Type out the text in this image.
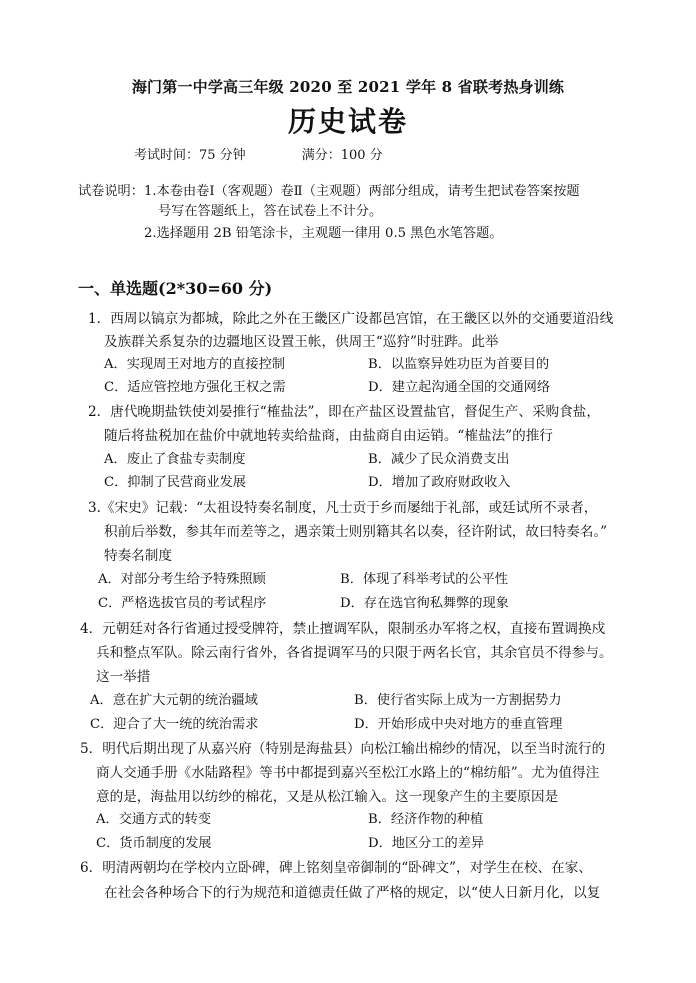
海门第一中学高三年级 2020 至 2021 学年 8 省联考热身训练
历史试卷
考试时间：75 分钟	满分：100 分
试卷说明： 1.本卷由卷Ⅰ（客观题）卷Ⅱ（主观题）两部分组成，请考生把试卷答案按题
号写在答题纸上，答在试卷上不计分。
2.选择题用 2B 铅笔涂卡，主观题一律用 0.5 黑色水笔答题。
一、单选题(2*30=60 分)
1．西周以镐京为都城，除此之外在王畿区广设都邑宫馆，在王畿区以外的交通要道沿线
及族群关系复杂的边疆地区设置王帐，供周王“巡狩”时驻跸。此举
A．实现周王对地方的直接控制	B．以监察异姓功臣为首要目的
C．适应管控地方强化王权之需	D．建立起沟通全国的交通网络
2．唐代晚期盐铁使刘晏推行“榷盐法”，即在产盐区设置盐官，督促生产、采购食盐，
随后将盐税加在盐价中就地转卖给盐商，由盐商自由运销。“榷盐法”的推行
A．废止了食盐专卖制度	B．减少了民众消费支出
C．抑制了民营商业发展	D．增加了政府财政收入
3.《宋史》记载：“太祖设特奏名制度，凡士贡于乡而屡绌于礼部，或廷试所不录者，
积前后举数，参其年而差等之，遇亲策士则别籍其名以奏，径许附试，故曰特奏名。”
特奏名制度
A．对部分考生给予特殊照顾	B．体现了科举考试的公平性
C．严格选拔官员的考试程序	D．存在选官徇私舞弊的现象
4．元朝廷对各行省通过授受牌符，禁止擅调军队，限制丞办军将之权，直接布置调换戍
兵和整点军队。除云南行省外，各省提调军马的只限于两名长官，其余官员不得参与。
这一举措
A．意在扩大元朝的统治疆域	B．使行省实际上成为一方割据势力
C．迎合了大一统的统治需求	D．开始形成中央对地方的垂直管理
5．明代后期出现了从嘉兴府（特别是海盐县）向松江输出棉纱的情况，以至当时流行的
商人交通手册《水陆路程》等书中都提到嘉兴至松江水路上的“棉纺船”。尤为值得注
意的是，海盐用以纺纱的棉花，又是从松江输入。这一现象产生的主要原因是
A．交通方式的转变	B．经济作物的种植
C．货币制度的发展	D．地区分工的差异
6．明清两朝均在学校内立卧碑，碑上铭刻皇帝御制的“卧碑文”，对学生在校、在家、
在社会各种场合下的行为规范和道德责任做了严格的规定，以“使人日新月化，以复
